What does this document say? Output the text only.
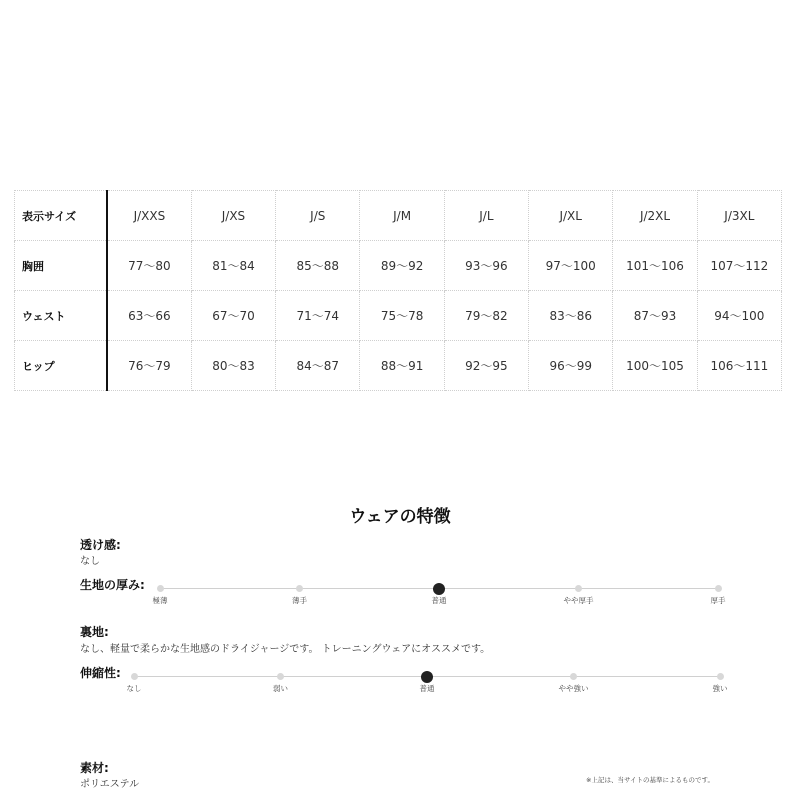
表示サイズ	J/XXS	J/XS	J/S	J/M	J/L	J/XL	J/2XL	J/3XL
胸囲	77〜80	81〜84	85〜88	89〜92	93〜96	97〜100	101〜106	107〜112
ウェスト	63〜66	67〜70	71〜74	75〜78	79〜82	83〜86	87〜93	94〜100
ヒップ	76〜79	80〜83	84〜87	88〜91	92〜95	96〜99	100〜105	106〜111
ウェアの特徴
透け感:
なし
生地の厚み:
極薄	薄手	普通	やや厚手	厚手
裏地:
なし、軽量で柔らかな生地感のドライジャージです。 トレーニングウェアにオススメです。
伸縮性:
なし	弱い	普通	やや強い	強い
素材:
ポリエステル	※上記は、当サイトの基準によるものです。
